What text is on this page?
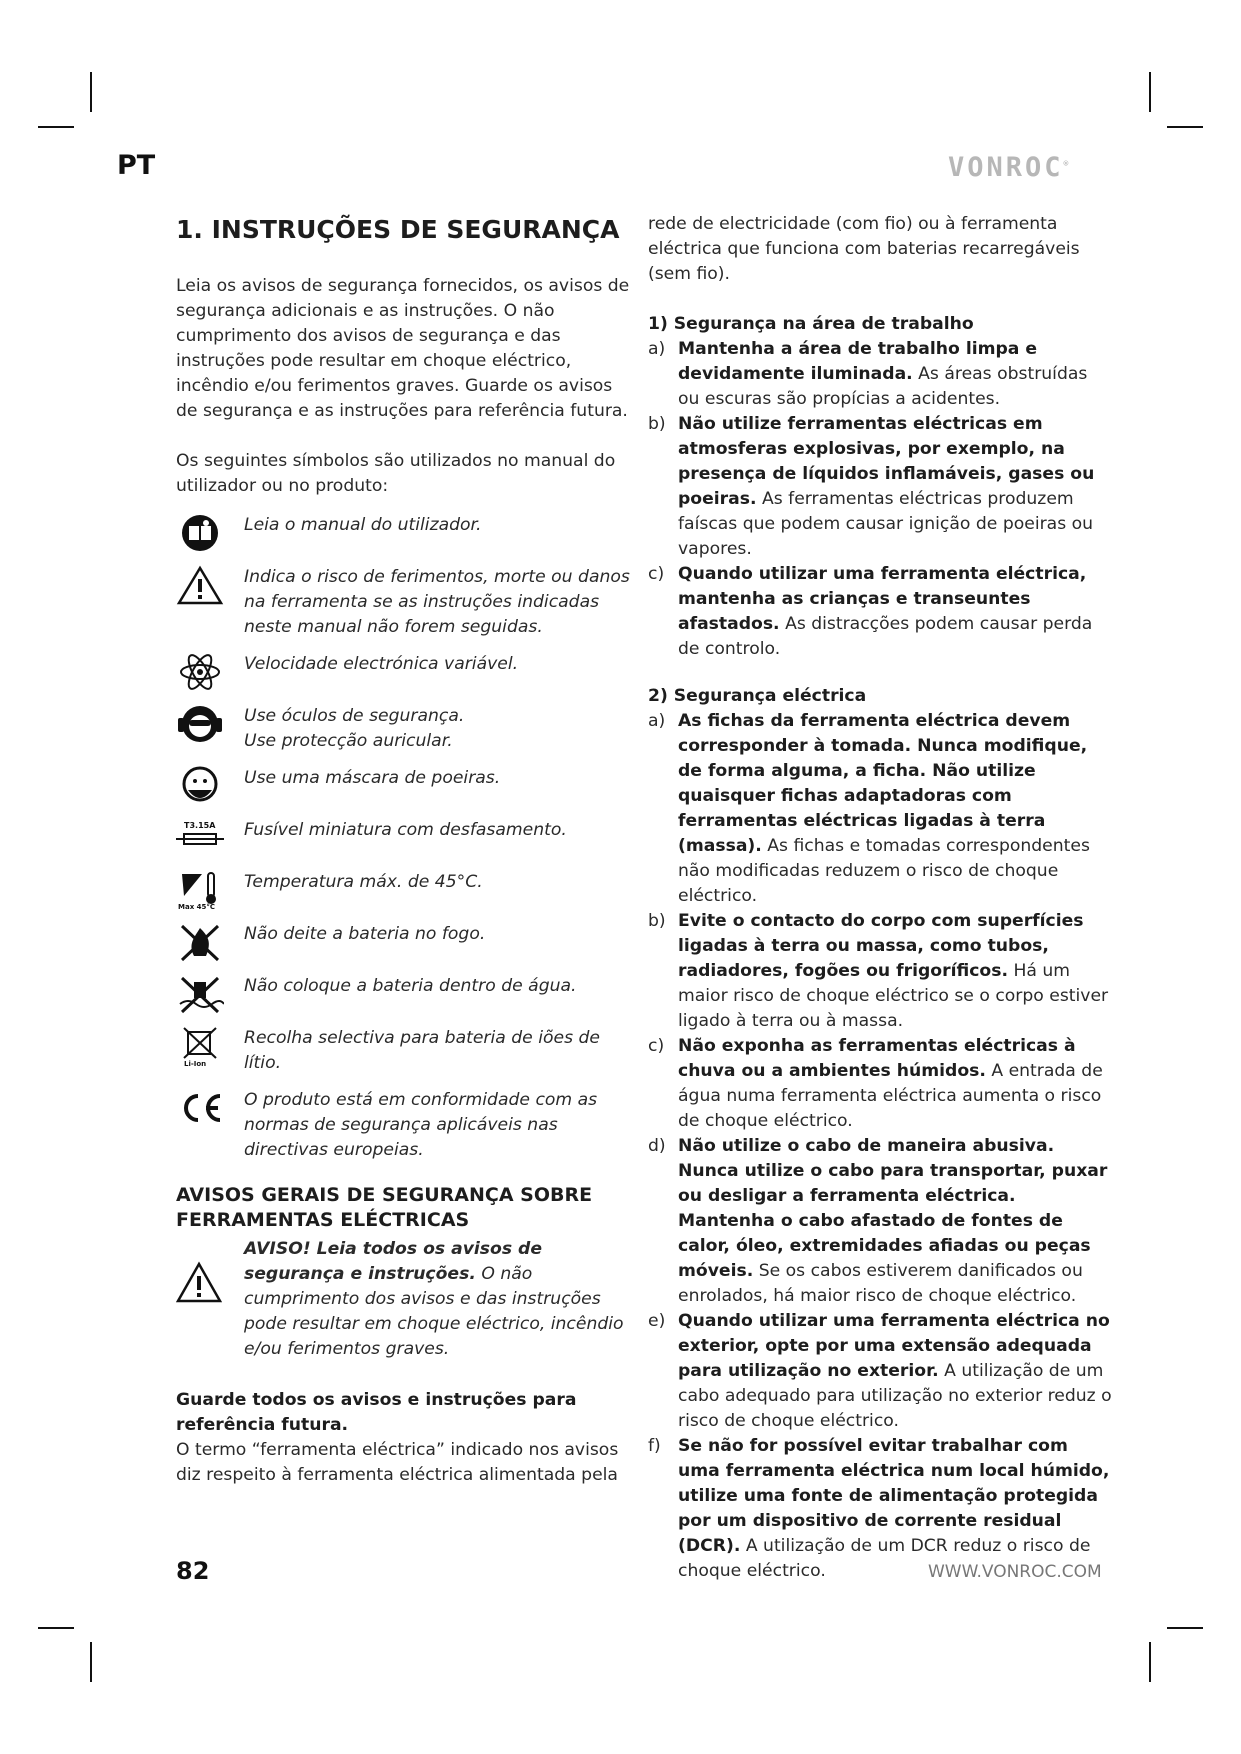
PT	VONROC®
1. INSTRUÇÕES DE SEGURANÇA

Leia os avisos de segurança fornecidos, os avisos de segurança adicionais e as instruções. O não cumprimento dos avisos de segurança e das instruções pode resultar em choque eléctrico, incêndio e/ou ferimentos graves. Guarde os avisos de segurança e as instruções para referência futura.

Os seguintes símbolos são utilizados no manual do utilizador ou no produto:

Leia o manual do utilizador.
Indica o risco de ferimentos, morte ou danos na ferramenta se as instruções indicadas neste manual não forem seguidas.
Velocidade electrónica variável.
Use óculos de segurança.
Use protecção auricular.
Use uma máscara de poeiras.
T3.15A Fusível miniatura com desfasamento.
Max 45°C
Temperatura máx. de 45°C.
Não deite a bateria no fogo.
Não coloque a bateria dentro de água.
Li-Ion
Recolha selectiva para bateria de iões de lítio.
O produto está em conformidade com as normas de segurança aplicáveis nas directivas europeias.
AVISOS GERAIS DE SEGURANÇA SOBRE FERRAMENTAS ELÉCTRICAS
AVISO! Leia todos os avisos de segurança e instruções. O não cumprimento dos avisos e das instruções pode resultar em choque eléctrico, incêndio e/ou ferimentos graves.

Guarde todos os avisos e instruções para referência futura.

O termo “ferramenta eléctrica” indicado nos avisos diz respeito à ferramenta eléctrica alimentada pela

rede de electricidade (com fio) ou à ferramenta eléctrica que funciona com baterias recarregáveis (sem fio).

1) Segurança na área de trabalho

a) Mantenha a área de trabalho limpa e devidamente iluminada. As áreas obstruídas ou escuras são propícias a acidentes.
b) Não utilize ferramentas eléctricas em atmosferas explosivas, por exemplo, na presença de líquidos inflamáveis, gases ou poeiras. As ferramentas eléctricas produzem faíscas que podem causar ignição de poeiras ou vapores.
c) Quando utilizar uma ferramenta eléctrica, mantenha as crianças e transeuntes afastados. As distracções podem causar perda de controlo.

2) Segurança eléctrica

a) As fichas da ferramenta eléctrica devem corresponder à tomada. Nunca modifique, de forma alguma, a ficha. Não utilize quaisquer fichas adaptadoras com ferramentas eléctricas ligadas à terra (massa). As fichas e tomadas correspondentes não modificadas reduzem o risco de choque eléctrico.
b) Evite o contacto do corpo com superfícies ligadas à terra ou massa, como tubos, radiadores, fogões ou frigoríficos. Há um maior risco de choque eléctrico se o corpo estiver ligado à terra ou à massa.
c) Não exponha as ferramentas eléctricas à chuva ou a ambientes húmidos. A entrada de água numa ferramenta eléctrica aumenta o risco de choque eléctrico.
d) Não utilize o cabo de maneira abusiva. Nunca utilize o cabo para transportar, puxar ou desligar a ferramenta eléctrica. Mantenha o cabo afastado de fontes de calor, óleo, extremidades afiadas ou peças móveis. Se os cabos estiverem danificados ou enrolados, há maior risco de choque eléctrico.
e) Quando utilizar uma ferramenta eléctrica no exterior, opte por uma extensão adequada para utilização no exterior. A utilização de um cabo adequado para utilização no exterior reduz o risco de choque eléctrico.
f)	Se não for possível evitar trabalhar com uma ferramenta eléctrica num local húmido, utilize uma fonte de alimentação protegida por um dispositivo de corrente residual (DCR). A utilização de um DCR reduz o risco de choque eléctrico.
82	WWW.VONROC.COM
